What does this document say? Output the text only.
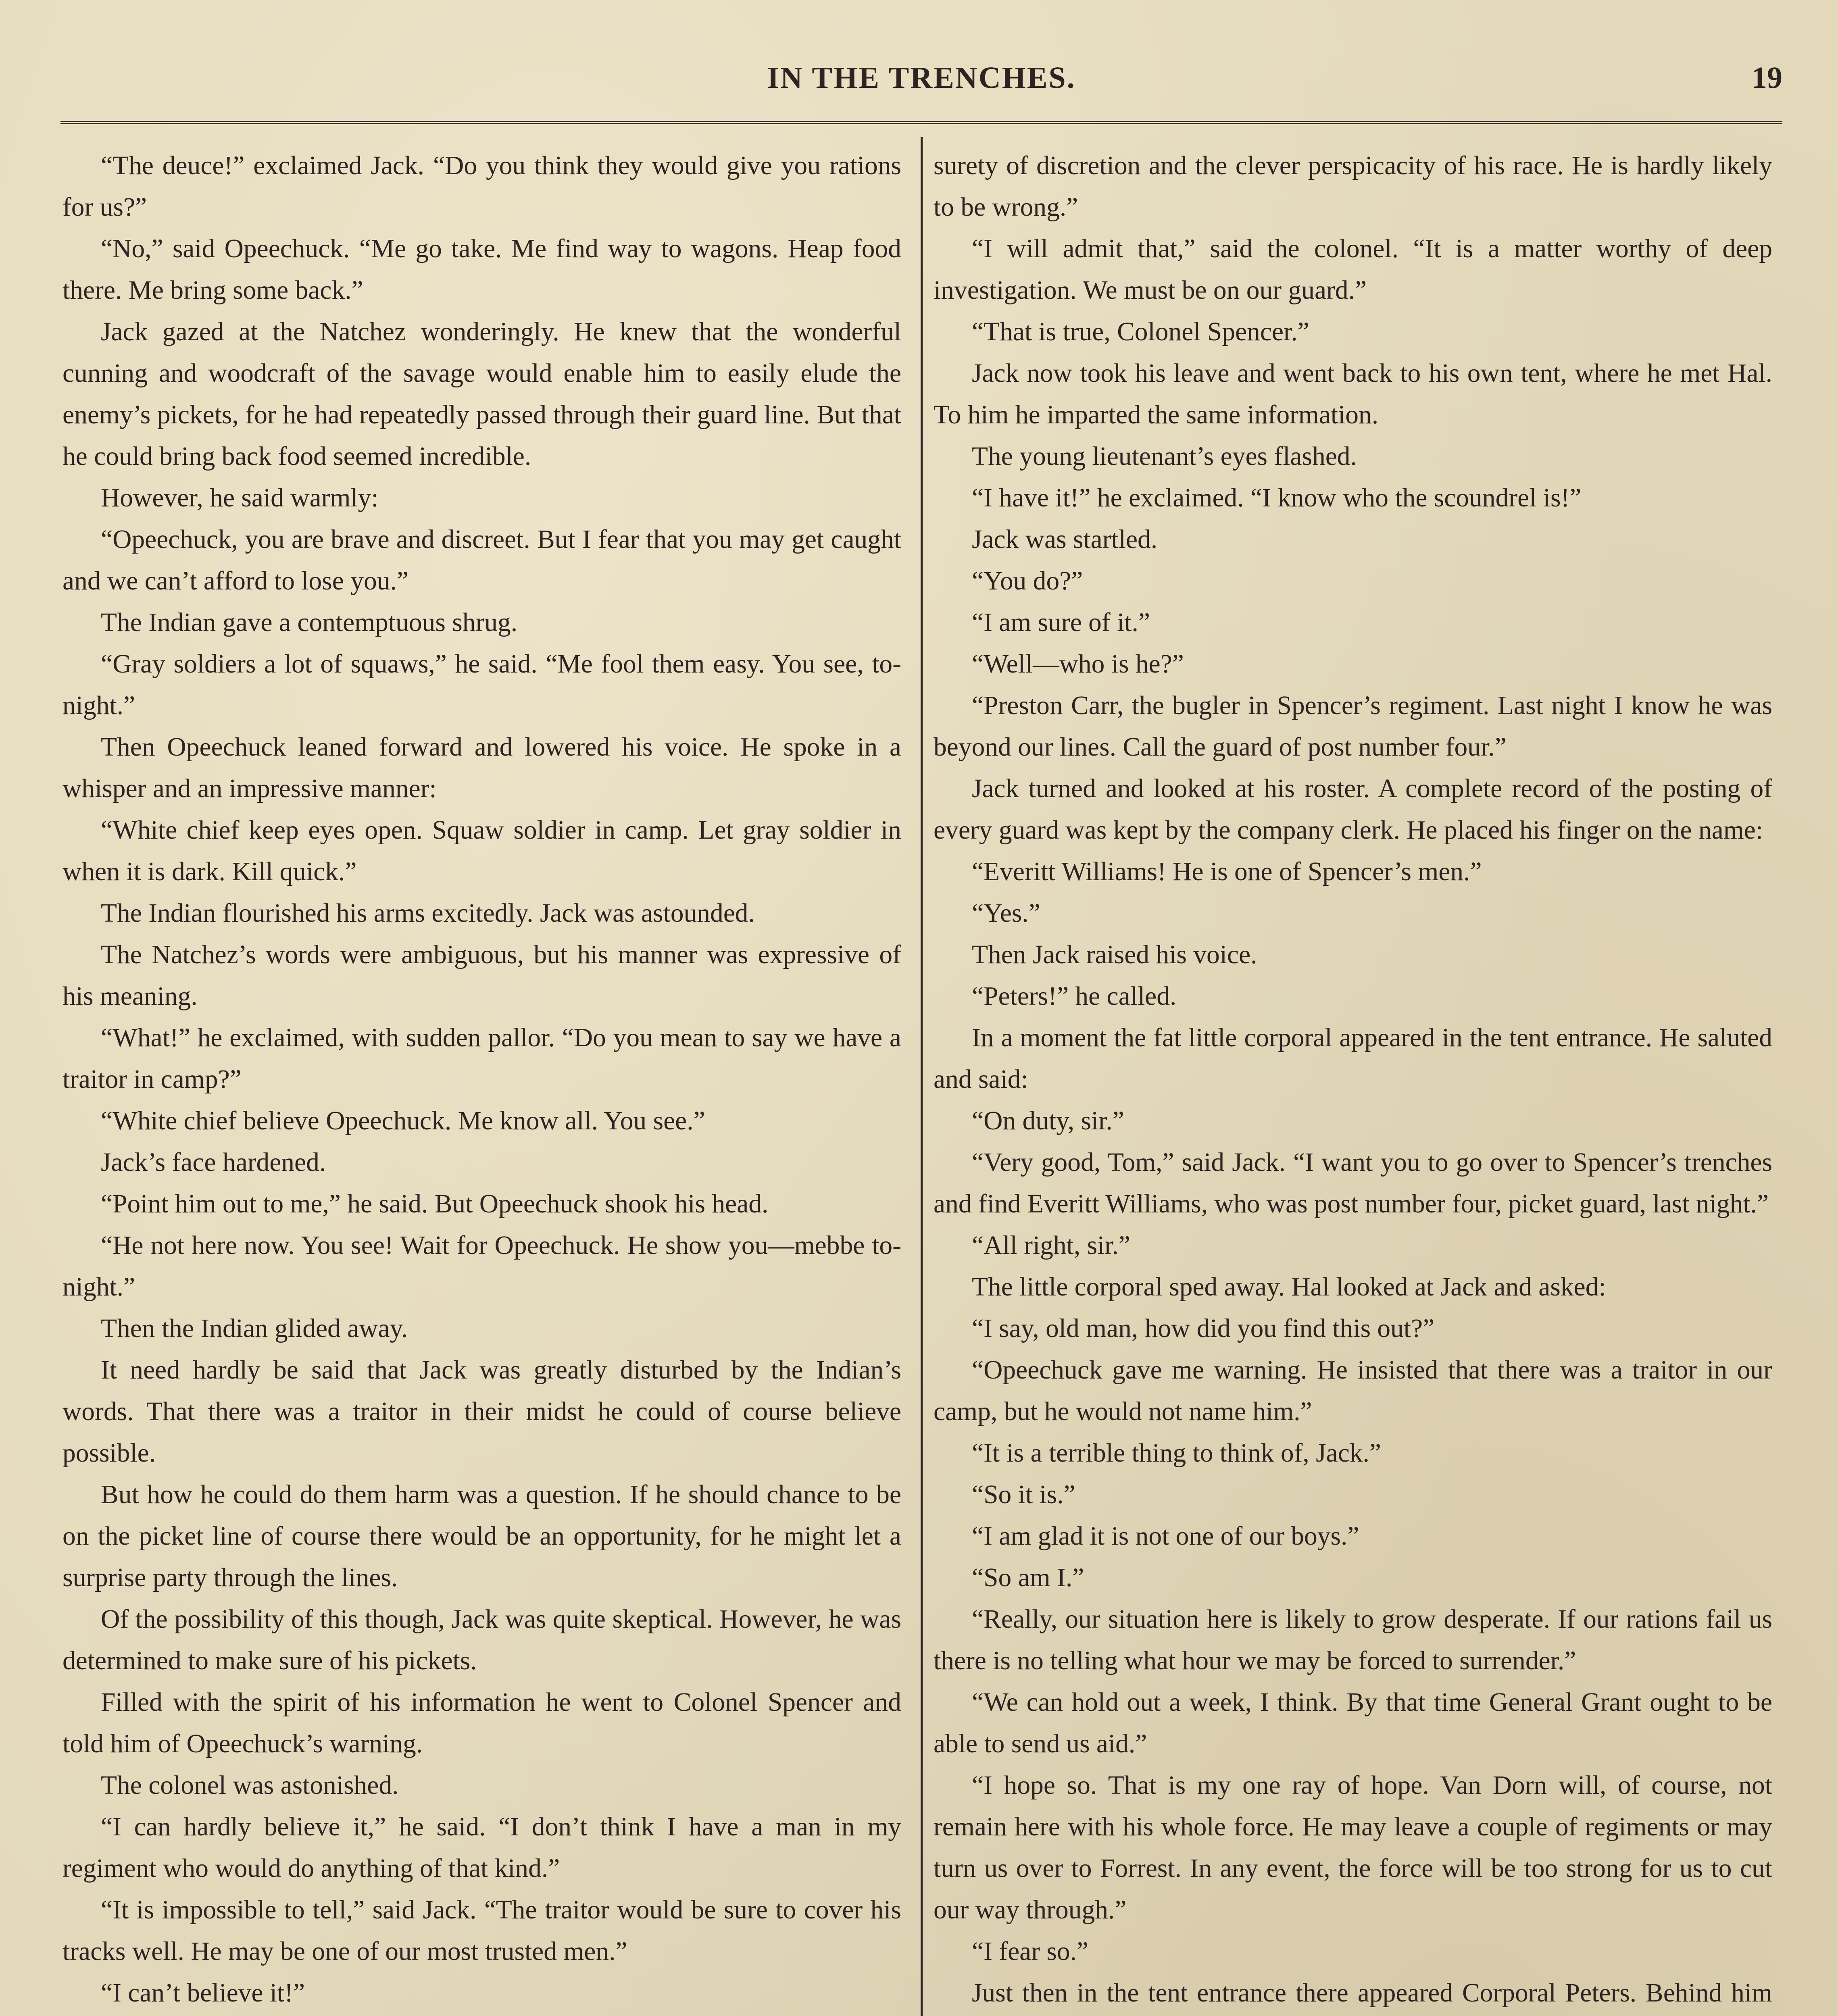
IN THE TRENCHES.	19

“The deuce!” exclaimed Jack. “Do you think they would give you rations for us?”

“No,” said Opeechuck. “Me go take. Me find way to wagons. Heap food there. Me bring some back.”

Jack gazed at the Natchez wonderingly. He knew that the wonderful cunning and woodcraft of the savage would enable him to easily elude the enemy’s pickets, for he had repeatedly passed through their guard line. But that he could bring back food seemed incredible.

However, he said warmly:

“Opeechuck, you are brave and discreet. But I fear that you may get caught and we can’t afford to lose you.”

The Indian gave a contemptuous shrug.

“Gray soldiers a lot of squaws,” he said. “Me fool them easy. You see, to-night.”

Then Opeechuck leaned forward and lowered his voice. He spoke in a whisper and an impressive manner:

“White chief keep eyes open. Squaw soldier in camp. Let gray soldier in when it is dark. Kill quick.”

The Indian flourished his arms excitedly. Jack was astounded.

The Natchez’s words were ambiguous, but his manner was expressive of his meaning.

“What!” he exclaimed, with sudden pallor. “Do you mean to say we have a traitor in camp?”

“White chief believe Opeechuck. Me know all. You see.”

Jack’s face hardened.

“Point him out to me,” he said. But Opeechuck shook his head.

“He not here now. You see! Wait for Opeechuck. He show you—mebbe to-night.”

Then the Indian glided away.

It need hardly be said that Jack was greatly disturbed by the Indian’s words. That there was a traitor in their midst he could of course believe possible.

But how he could do them harm was a question. If he should chance to be on the picket line of course there would be an opportunity, for he might let a surprise party through the lines.

Of the possibility of this though, Jack was quite skeptical. However, he was determined to make sure of his pickets.

Filled with the spirit of his information he went to Colonel Spencer and told him of Opeechuck’s warning.

The colonel was astonished.

“I can hardly believe it,” he said. “I don’t think I have a man in my regiment who would do anything of that kind.”

“It is impossible to tell,” said Jack. “The traitor would be sure to cover his tracks well. He may be one of our most trusted men.”

“I can’t believe it!”

surety of discretion and the clever perspicacity of his race. He is hardly likely to be wrong.”

“I will admit that,” said the colonel. “It is a matter worthy of deep investigation. We must be on our guard.”

“That is true, Colonel Spencer.”

Jack now took his leave and went back to his own tent, where he met Hal. To him he imparted the same information.

The young lieutenant’s eyes flashed.

“I have it!” he exclaimed. “I know who the scoundrel is!”

Jack was startled.

“You do?”

“I am sure of it.”

“Well—who is he?”

“Preston Carr, the bugler in Spencer’s regiment. Last night I know he was beyond our lines. Call the guard of post number four.”

Jack turned and looked at his roster. A complete record of the posting of every guard was kept by the company clerk. He placed his finger on the name:

“Everitt Williams! He is one of Spencer’s men.”

“Yes.”

Then Jack raised his voice.

“Peters!” he called.

In a moment the fat little corporal appeared in the tent entrance. He saluted and said:

“On duty, sir.”

“Very good, Tom,” said Jack. “I want you to go over to Spencer’s trenches and find Everitt Williams, who was post number four, picket guard, last night.”

“All right, sir.”

The little corporal sped away. Hal looked at Jack and asked:

“I say, old man, how did you find this out?”

“Opeechuck gave me warning. He insisted that there was a traitor in our camp, but he would not name him.”

“It is a terrible thing to think of, Jack.”

“So it is.”

“I am glad it is not one of our boys.”

“So am I.”

“Really, our situation here is likely to grow desperate. If our rations fail us there is no telling what hour we may be forced to surrender.”

“We can hold out a week, I think. By that time General Grant ought to be able to send us aid.”

“I hope so. That is my one ray of hope. Van Dorn will, of course, not remain here with his whole force. He may leave a couple of regiments or may turn us over to Forrest. In any event, the force will be too strong for us to cut our way through.”

“I fear so.”

Just then in the tent entrance there appeared Corporal Peters. Behind him
